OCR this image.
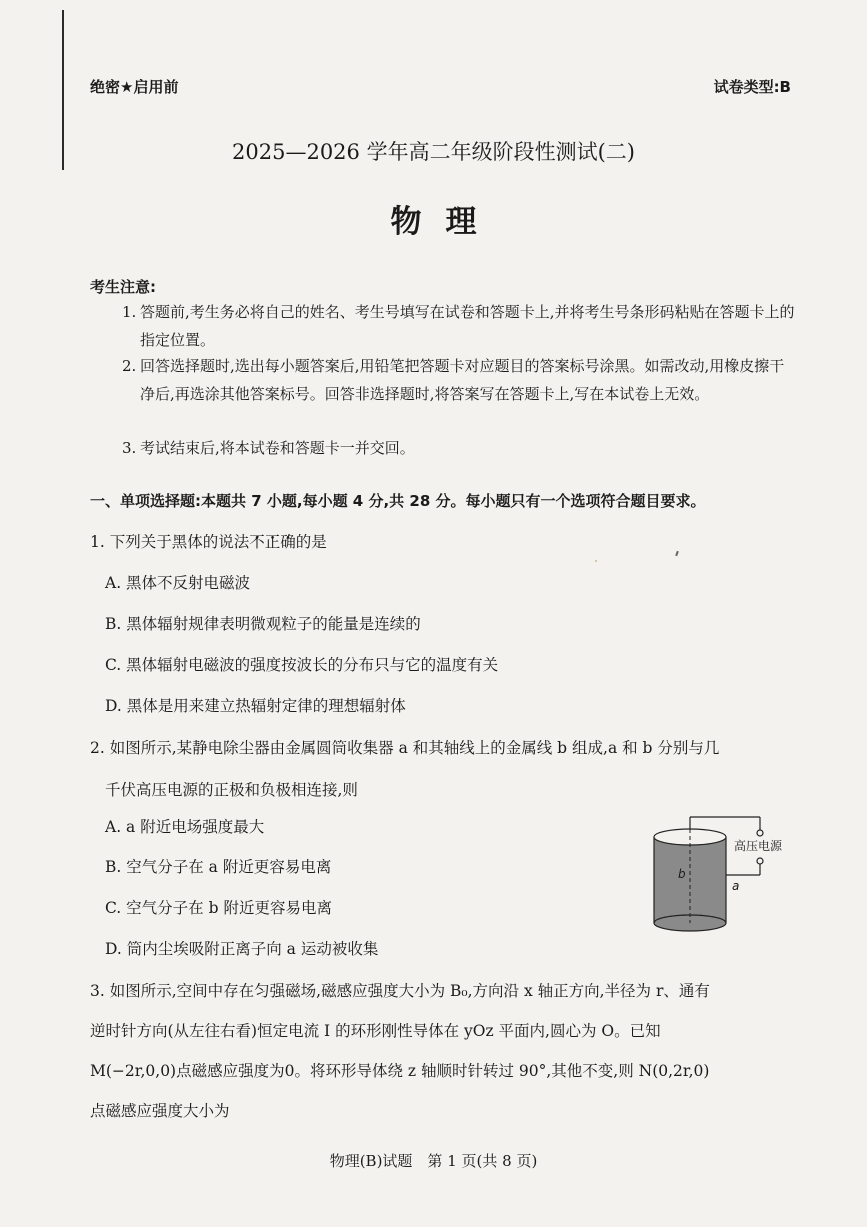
绝密★启用前	试卷类型:B
2025—2026 学年高二年级阶段性测试(二)
物理
考生注意:
1. 答题前,考生务必将自己的姓名、考生号填写在试卷和答题卡上,并将考生号条形码粘贴在答题卡上的指定位置。
2. 回答选择题时,选出每小题答案后,用铅笔把答题卡对应题目的答案标号涂黑。如需改动,用橡皮擦干净后,再选涂其他答案标号。回答非选择题时,将答案写在答题卡上,写在本试卷上无效。
3. 考试结束后,将本试卷和答题卡一并交回。
一、单项选择题:本题共 7 小题,每小题 4 分,共 28 分。每小题只有一个选项符合题目要求。
1. 下列关于黑体的说法不 •正 •确 •的是
A. 黑体不反射电磁波
B. 黑体辐射规律表明微观粒子的能量是连续的
C. 黑体辐射电磁波的强度按波长的分布只与它的温度有关
D. 黑体是用来建立热辐射定律的理想辐射体
2. 如图所示,某静电除尘器由金属圆筒收集器 a 和其轴线上的金属线 b 组成,a 和 b 分别与几
千伏高压电源的正极和负极相连接,则
A. a 附近电场强度最大
B. 空气分子在 a 附近更容易电离
C. 空气分子在 b 附近更容易电离
D. 筒内尘埃吸附正离子向 a 运动被收集
高压电源
b
a
3. 如图所示,空间中存在匀强磁场,磁感应强度大小为 B₀,方向沿 x 轴正方向,半径为 r、通有
逆时针方向(从左往右看)恒定电流 I 的环形刚性导体在 yOz 平面内,圆心为 O。已知
M(−2r,0,0)点磁感应强度为0。将环形导体绕 z 轴顺时针转过 90°,其他不变,则 N(0,2r,0)
点磁感应强度大小为
物理(B)试题　第 1 页(共 8 页)
